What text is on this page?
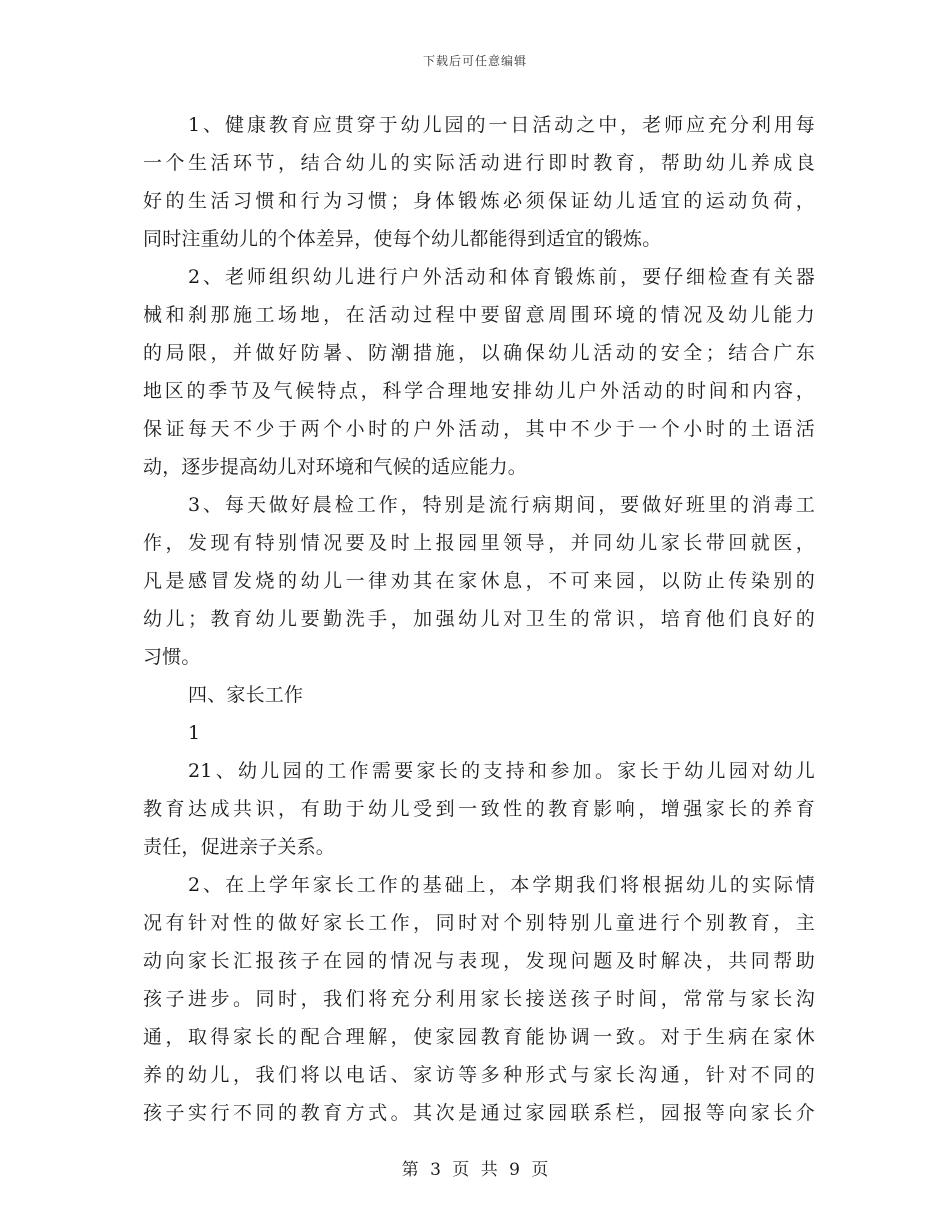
下载后可任意编辑
1、健康教育应贯穿于幼儿园的一日活动之中，老师应充分利用每
一个生活环节，结合幼儿的实际活动进行即时教育，帮助幼儿养成良
好的生活习惯和行为习惯；身体锻炼必须保证幼儿适宜的运动负荷，
同时注重幼儿的个体差异，使每个幼儿都能得到适宜的锻炼。
2、老师组织幼儿进行户外活动和体育锻炼前，要仔细检查有关器
械和刹那施工场地，在活动过程中要留意周围环境的情况及幼儿能力
的局限，并做好防暑、防潮措施，以确保幼儿活动的安全；结合广东
地区的季节及气候特点，科学合理地安排幼儿户外活动的时间和内容，
保证每天不少于两个小时的户外活动，其中不少于一个小时的土语活
动，逐步提高幼儿对环境和气候的适应能力。
3、每天做好晨检工作，特别是流行病期间，要做好班里的消毒工
作，发现有特别情况要及时上报园里领导，并同幼儿家长带回就医，
凡是感冒发烧的幼儿一律劝其在家休息，不可来园，以防止传染别的
幼儿；教育幼儿要勤洗手，加强幼儿对卫生的常识，培育他们良好的
习惯。
四、家长工作
1
21、幼儿园的工作需要家长的支持和参加。家长于幼儿园对幼儿
教育达成共识，有助于幼儿受到一致性的教育影响，增强家长的养育
责任，促进亲子关系。
2、在上学年家长工作的基础上，本学期我们将根据幼儿的实际情
况有针对性的做好家长工作，同时对个别特别儿童进行个别教育，主
动向家长汇报孩子在园的情况与表现，发现问题及时解决，共同帮助
孩子进步。同时，我们将充分利用家长接送孩子时间，常常与家长沟
通，取得家长的配合理解，使家园教育能协调一致。对于生病在家休
养的幼儿，我们将以电话、家访等多种形式与家长沟通，针对不同的
孩子实行不同的教育方式。其次是通过家园联系栏，园报等向家长介
第 3 页 共 9 页
